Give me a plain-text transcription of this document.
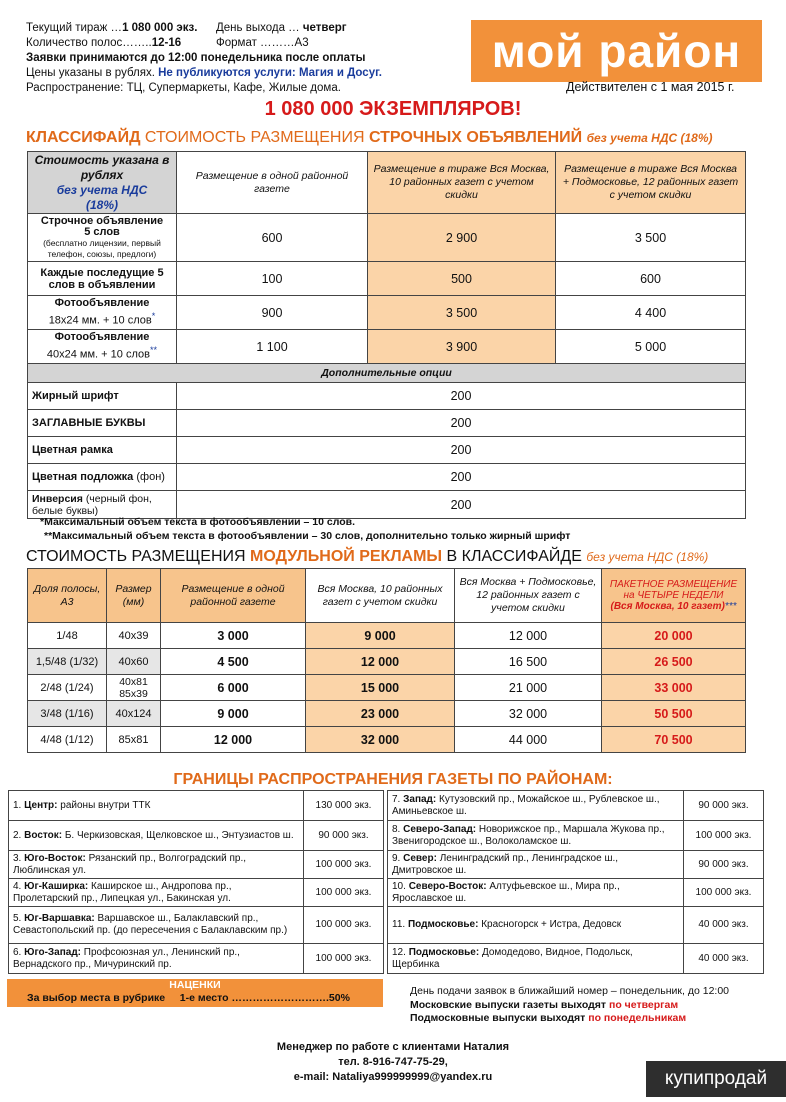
Текущий тираж …1 080 000 экз. День выхода … четверг
Количество полос……..12-16	Формат ………А3
Заявки принимаются до 12:00 понедельника после оплаты
Цены указаны в рублях. Не публикуются услуги: Магия и Досуг.
Распространение: ТЦ, Супермаркеты, Кафе, Жилые дома.
мой район
Действителен с 1 мая 2015 г.
1 080 000 ЭКЗЕМПЛЯРОВ!
КЛАССИФАЙД СТОИМОСТЬ РАЗМЕЩЕНИЯ СТРОЧНЫХ ОБЪЯВЛЕНИЙ без учета НДС (18%)
Стоимость указана в рублях
без учета НДС
(18%)	Размещение в одной районной газете	Размещение в тираже Вся Москва, 10 районных газет с учетом скидки	Размещение в тираже Вся Москва + Подмосковье, 12 районных газет с учетом скидки
Строчное объявление
5 слов
(бесплатно лицензии, первый телефон, союзы, предлоги)	600	2 900	3 500
Каждые последущие 5 слов в объявлении	100	500	600
Фотообъявление
18х24 мм. + 10 слов*	900	3 500	4 400
Фотообъявление
40х24 мм. + 10 слов**	1 100	3 900	5 000
Дополнительные опции			
Жирный шрифт	200		
ЗАГЛАВНЫЕ БУКВЫ	200		
Цветная рамка	200		
Цветная подложка (фон)	200		
Инверсия (черный фон, белые буквы)	200		
*Максимальный объем текста в фотообъявлении – 10 слов.
**Максимальный объем текста в фотообъявлении – 30 слов, дополнительно только жирный шрифт
СТОИМОСТЬ РАЗМЕЩЕНИЯ МОДУЛЬНОЙ РЕКЛАМЫ В КЛАССИФАЙДЕ без учета НДС (18%)
Доля полосы, А3	Размер (мм)	Размещение в одной районной газете	Вся Москва, 10 районных газет с учетом скидки	Вся Москва + Подмосковье, 12 районных газет с учетом скидки	ПАКЕТНОЕ РАЗМЕЩЕНИЕ
на ЧЕТЫРЕ НЕДЕЛИ
(Вся Москва, 10 газет)***
1/48	40х39	3 000	9 000	12 000	20 000
1,5/48 (1/32)	40х60	4 500	12 000	16 500	26 500
2/48 (1/24)	40х81
85х39	6 000	15 000	21 000	33 000
3/48 (1/16)	40х124	9 000	23 000	32 000	50 500
4/48 (1/12)	85х81	12 000	32 000	44 000	70 500
ГРАНИЦЫ РАСПРОСТРАНЕНИЯ ГАЗЕТЫ ПО РАЙОНАМ:
1. Центр: районы внутри ТТК	130 000 экз.
2. Восток: Б. Черкизовская, Щелковское ш., Энтузиастов ш.	90 000 экз.
3. Юго-Восток: Рязанский пр., Волгоградский пр., Люблинская ул.	100 000 экз.
4. Юг-Каширка: Каширское ш., Андропова пр., Пролетарский пр., Липецкая ул., Бакинская ул.	100 000 экз.
5. Юг-Варшавка: Варшавское ш., Балаклавский пр., Севастопольский пр. (до пересечения с Балаклавским пр.)	100 000 экз.
6. Юго-Запад: Профсоюзная ул., Ленинский пр., Вернадского пр., Мичуринский пр.	100 000 экз.
7. Запад: Кутузовский пр., Можайское ш., Рублевское ш., Аминьевское ш.	90 000 экз.
8. Северо-Запад: Новорижское пр., Маршала Жукова пр., Звенигородское ш., Волоколамское ш.	100 000 экз.
9. Север: Ленинградский пр., Ленинградское ш., Дмитровское ш.	90 000 экз.
10. Северо-Восток: Алтуфьевское ш., Мира пр., Ярославское ш.	100 000 экз.
11. Подмосковье: Красногорск + Истра, Дедовск	40 000 экз.
12. Подмосковье: Домодедово, Видное, Подольск, Щербинка	40 000 экз.
НАЦЕНКИ
За выбор места в рубрике 1-е место ……………………….50%
День подачи заявок в ближайший номер – понедельник, до 12:00
Московские выпуски газеты выходят по четвергам
Подмосковные выпуски выходят по понедельникам
Менеджер по работе с клиентами Наталия
тел. 8-916-747-75-29,
e-mail: Nataliya999999999@yandex.ru	купипродай
